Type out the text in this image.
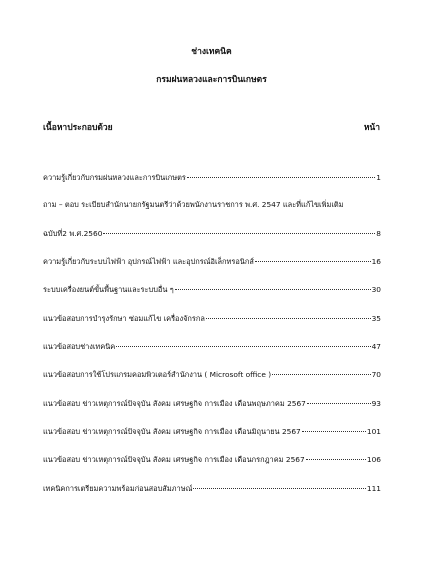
ช่างเทคนิค
กรมฝนหลวงและการบินเกษตร
เนื้อหาประกอบด้วย	หน้า
ความรู้เกี่ยวกับกรมฝนหลวงและการบินเกษตร	1
ถาม – ตอบ ระเบียบสำนักนายกรัฐมนตรีว่าด้วยพนักงานราชการ พ.ศ. 2547 และที่แก้ไขเพิ่มเติม
ฉบับที่2 พ.ศ.2560	8
ความรู้เกี่ยวกับระบบไฟฟ้า อุปกรณ์ไฟฟ้า และอุปกรณ์อิเล็กทรอนิกส์	16
ระบบเครื่องยนต์ขั้นพื้นฐานและระบบอื่น ๆ	30
แนวข้อสอบการบำรุงรักษา ซ่อมแก้ไข เครื่องจักรกล	35
แนวข้อสอบช่างเทคนิค	47
แนวข้อสอบการใช้โปรแกรมคอมพิวเตอร์สำนักงาน ( Microsoft office )	70
แนวข้อสอบ ข่าวเหตุการณ์ปัจจุบัน สังคม เศรษฐกิจ การเมือง เดือนพฤษภาคม 2567	93
แนวข้อสอบ ข่าวเหตุการณ์ปัจจุบัน สังคม เศรษฐกิจ การเมือง เดือนมิถุนายน 2567	101
แนวข้อสอบ ข่าวเหตุการณ์ปัจจุบัน สังคม เศรษฐกิจ การเมือง เดือนกรกฎาคม 2567	106
เทคนิคการเตรียมความพร้อมก่อนสอบสัมภาษณ์	111
